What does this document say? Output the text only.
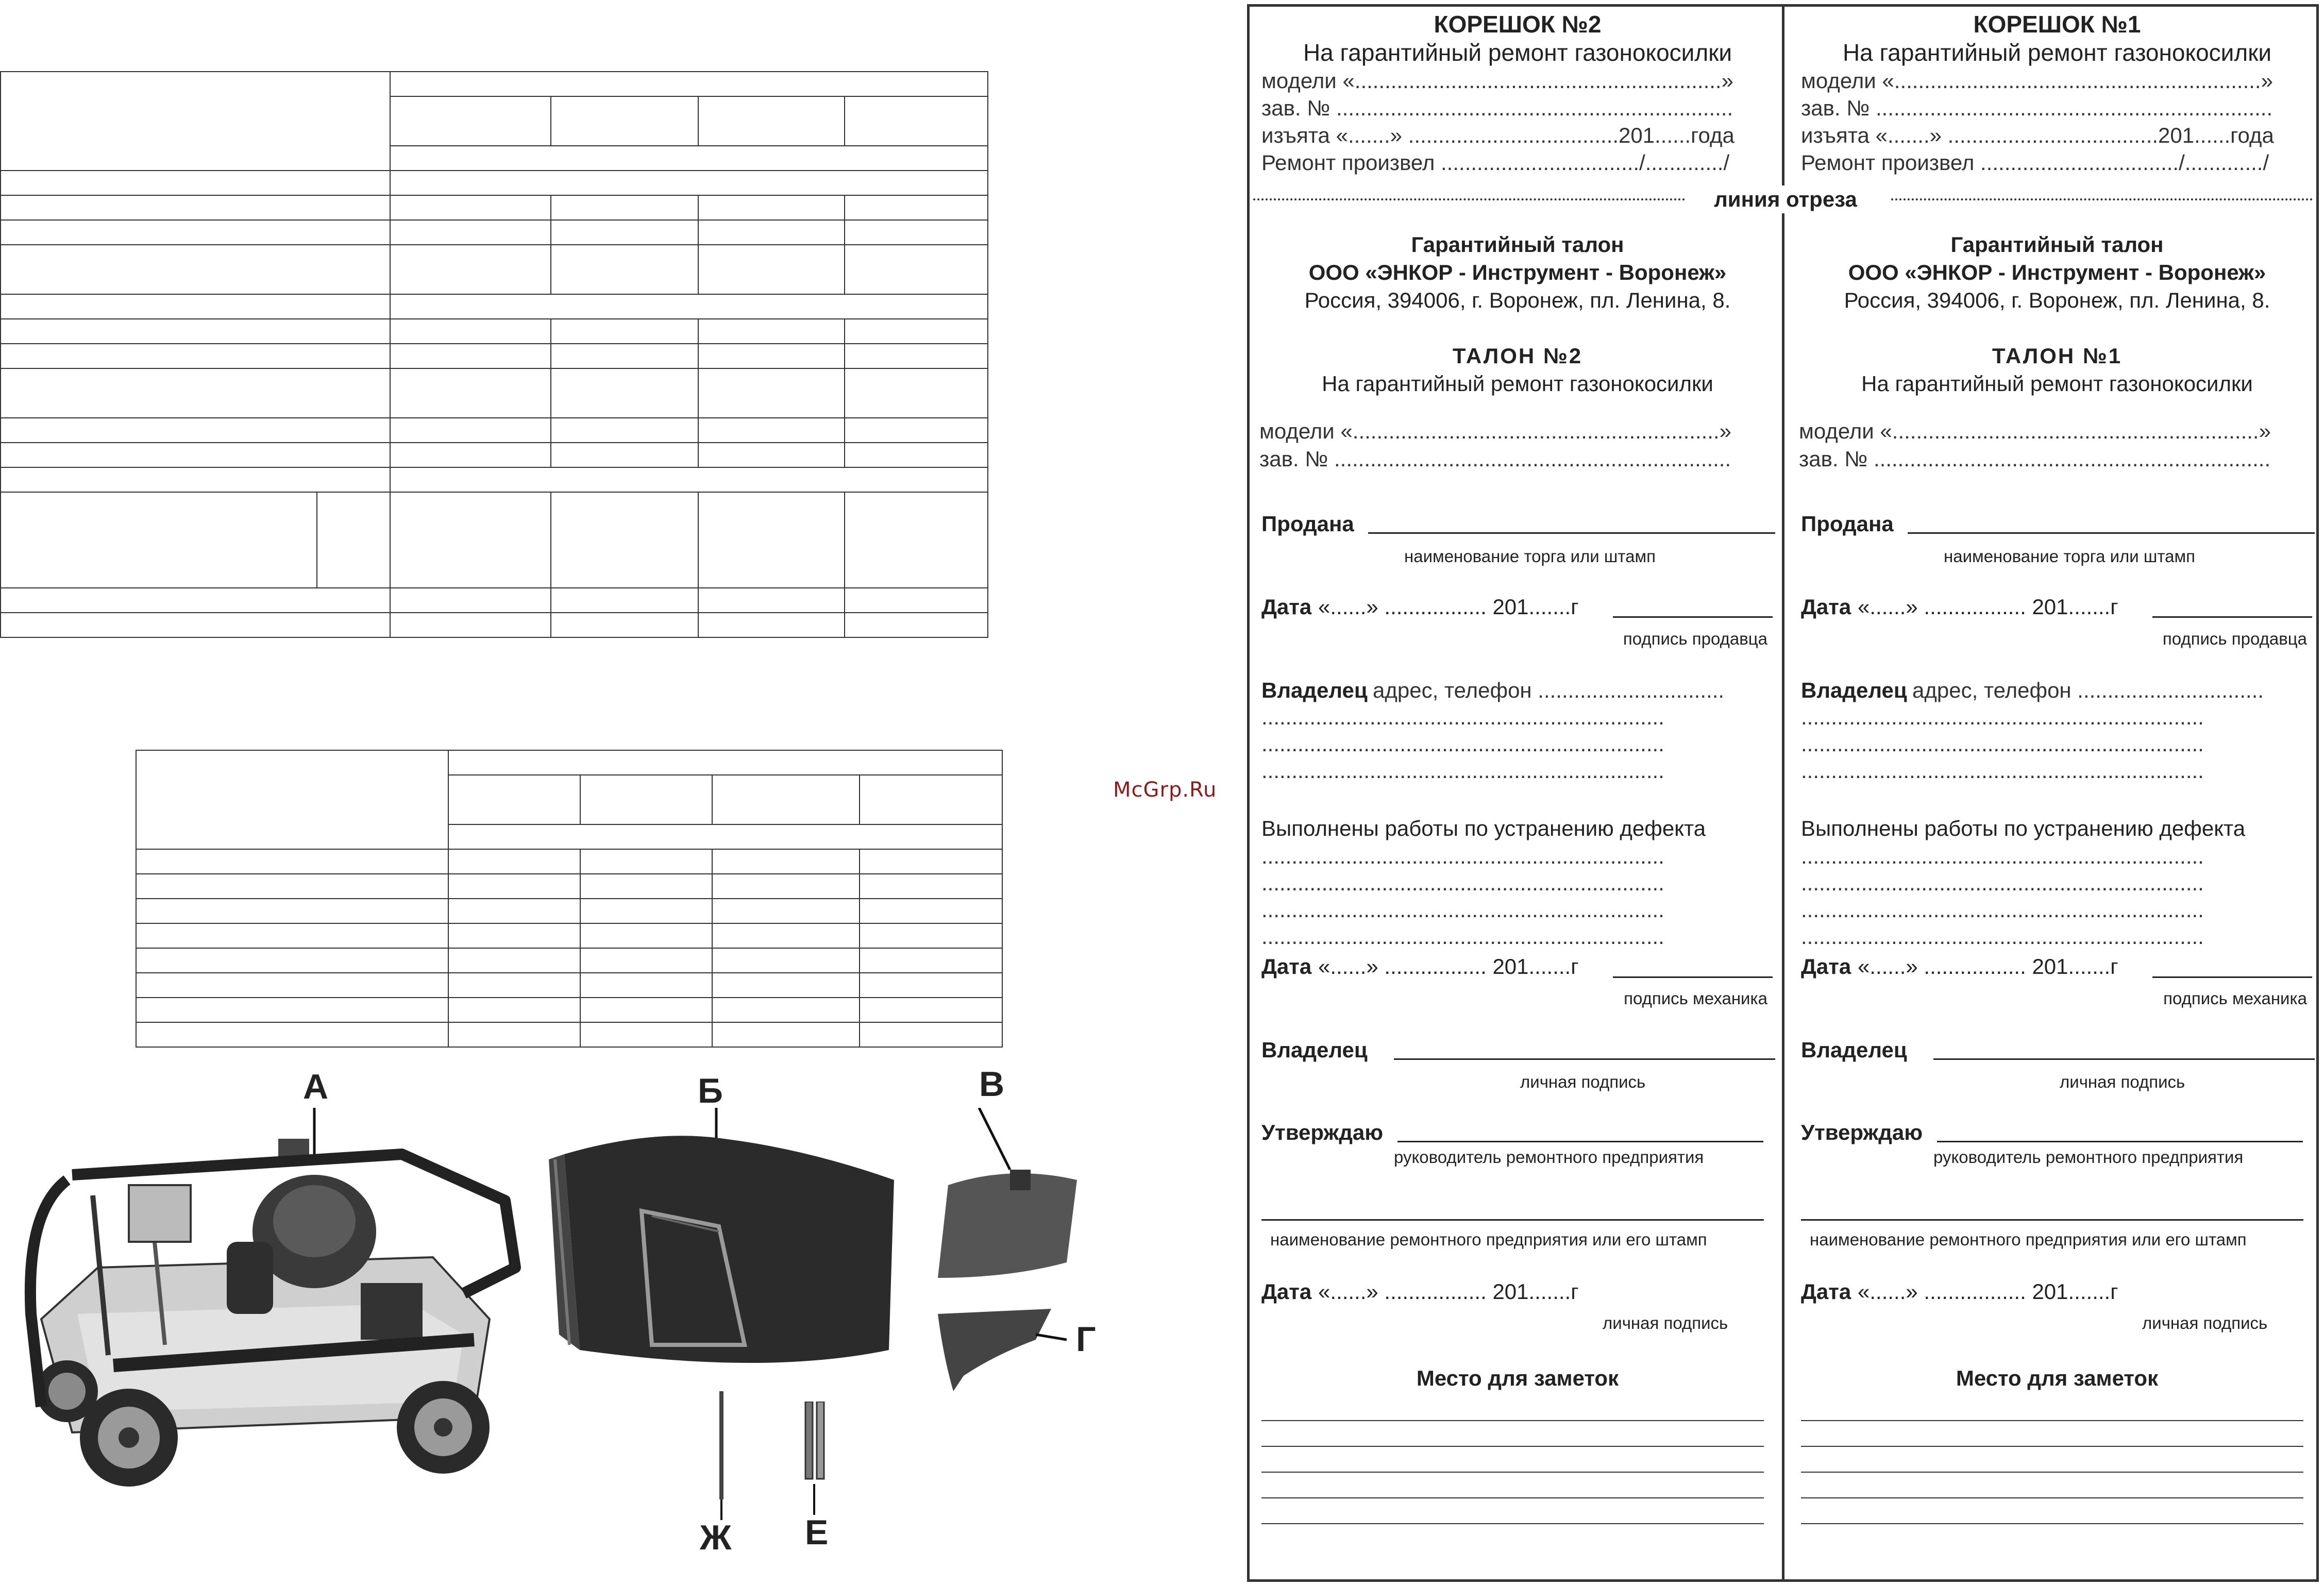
McGrp.Ru
А	Б	В
Г
Ж Е
линия отреза
КОРЕШОК №2
На гарантийный ремонт газонокосилки
модели «.............................................................»
зав. № ..................................................................
изъята «.......» ...................................201......года
Ремонт произвел ................................./............./
Гарантийный талон
ООО «ЭНКОР - Инструмент - Воронеж»
Россия, 394006, г. Воронеж, пл. Ленина, 8.
ТАЛОН №2
На гарантийный ремонт газонокосилки
модели «.............................................................»
зав. № ..................................................................
Продана
наименование торга или штамп
Дата «......» ................. 201.......г
подпись продавца
Владелец адрес, телефон ...............................
...................................................................
...................................................................
...................................................................
Выполнены работы по устранению дефекта
...................................................................
...................................................................
...................................................................
...................................................................
Дата «......» ................. 201.......г
подпись механика
Владелец
личная подпись
Утверждаю
руководитель ремонтного предприятия
наименование ремонтного предприятия или его штамп
Дата «......» ................. 201.......г
личная подпись
Место для заметок
КОРЕШОК №1
На гарантийный ремонт газонокосилки
модели «.............................................................»
зав. № ..................................................................
изъята «.......» ...................................201......года
Ремонт произвел ................................./............./
Гарантийный талон
ООО «ЭНКОР - Инструмент - Воронеж»
Россия, 394006, г. Воронеж, пл. Ленина, 8.
ТАЛОН №1
На гарантийный ремонт газонокосилки
модели «.............................................................»
зав. № ..................................................................
Продана
наименование торга или штамп
Дата «......» ................. 201.......г
подпись продавца
Владелец адрес, телефон ...............................
...................................................................
...................................................................
...................................................................
Выполнены работы по устранению дефекта
...................................................................
...................................................................
...................................................................
...................................................................
Дата «......» ................. 201.......г
подпись механика
Владелец
личная подпись
Утверждаю
руководитель ремонтного предприятия
наименование ремонтного предприятия или его штамп
Дата «......» ................. 201.......г
личная подпись
Место для заметок
